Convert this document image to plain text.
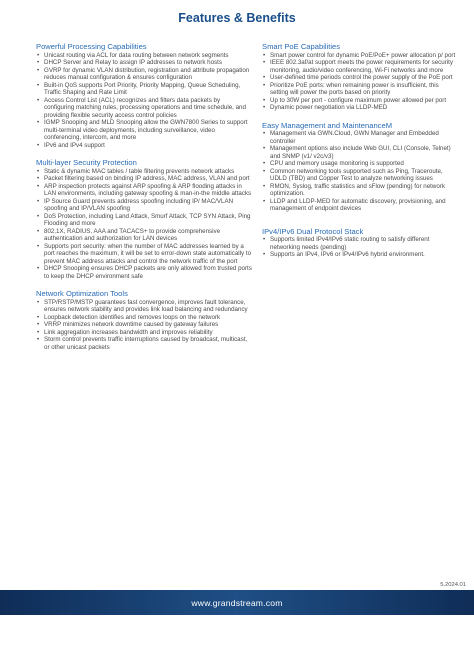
Features & Benefits
Powerful Processing Capabilities
• Unicast routing via ACL for data routing between network segments
• DHCP Server and Relay to assign IP addresses to network hosts
• GVRP for dynamic VLAN distribution, registration and attribute propagation reduces manual configuration & ensures configuration
• Built-in QoS supports Port Priority, Priority Mapping, Queue Scheduling, Traffic Shaping and Rate Limit
• Access Control List (ACL) recognizes and filters data packets by configuring matching rules, processing operations and time schedule, and providing flexible security access control policies
• IGMP Snooping and MLD Snooping allow the GWN7800 Series to support multi-terminal video deployments, including surveillance, video conferencing, intercom, and more
• IPv6 and IPv4 support
Multi-layer Security Protection
• Static & dynamic MAC tables / table filtering prevents network attacks
• Packet filtering based on binding IP address, MAC address, VLAN and port
• ARP inspection protects against ARP spoofing & ARP flooding attacks in LAN environments, including gateway spoofing & man-in-the middle attacks
• IP Source Guard prevents address spoofing including IP/ MAC/VLAN spoofing and IP/VLAN spoofing
• DoS Protection, including Land Attack, Smurf Attack, TCP SYN Attack, Ping Flooding and more
• 802.1X, RADIUS, AAA and TACACS+ to provide comprehensive authentication and authorization for LAN devices
• Supports port security: when the number of MAC addresses learned by a port reaches the maximum, it will be set to error-down state automatically to prevent MAC address attacks and control the network traffic of the port
• DHCP Snooping ensures DHCP packets are only allowed from trusted ports to keep the DHCP environment safe
Network Optimization Tools
• STP/RSTP/MSTP guarantees fast convergence, improves fault tolerance, ensures network stability and provides link load balancing and redundancy
• Loopback detection identifies and removes loops on the network
• VRRP minimizes network downtime caused by gateway failures
• Link aggregation increases bandwidth and improves reliability
• Storm control prevents traffic interruptions caused by broadcast, multicast, or other unicast packets
Smart PoE Capabilities
• Smart power control for dynamic PoE/PoE+ power allocation p/ port
• IEEE 802.3af/at support meets the power requirements for security monitoring, audio/video conferencing, Wi-Fi networks and more
• User-defined time periods control the power supply of the PoE port
• Prioritize PoE ports: when remaining power is insufficient, this setting will power the ports based on priority
• Up to 30W per port - configure maximum power allowed per port
• Dynamic power negotiation via LLDP-MED
Easy Management and MaintenanceM
• Management via GWN.Cloud, GWN Manager and Embedded controller
• Management options also include Web GUI, CLI (Console, Telnet) and SNMP (v1/ v2c/v3)
• CPU and memory usage monitoring is supported
• Common networking tools supported such as Ping, Traceroute, UDLD (TBD) and Copper Test to analyze networking issues
• RMON, Syslog, traffic statistics and sFlow (pending) for network optimization.
• LLDP and LLDP-MED for automatic discovery, provisioning, and management of endpoint devices
IPv4/IPv6 Dual Protocol Stack
• Supports limited IPv4/IPv6 static routing to satisfy different networking needs (pending)
• Supports an IPv4, IPv6 or IPv4/IPv6 hybrid environment.
5.2024.01
www.grandstream.com
